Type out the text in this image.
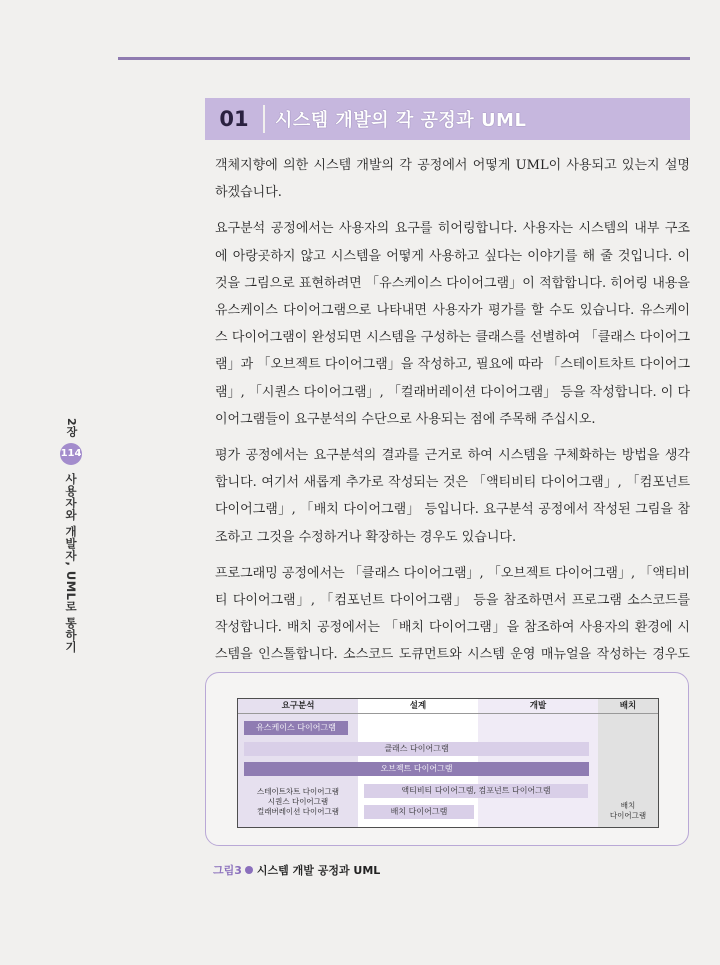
01	시스템 개발의 각 공정과 UML

객체지향에 의한 시스템 개발의 각 공정에서 어떻게 UML이 사용되고 있는지 설명하겠습니다.

요구분석 공정에서는 사용자의 요구를 히어링합니다. 사용자는 시스템의 내부 구조에 아랑곳하지 않고 시스템을 어떻게 사용하고 싶다는 이야기를 해 줄 것입니다. 이것을 그림으로 표현하려면 「유스케이스 다이어그램」이 적합합니다. 히어링 내용을 유스케이스 다이어그램으로 나타내면 사용자가 평가를 할 수도 있습니다. 유스케이스 다이어그램이 완성되면 시스템을 구성하는 클래스를 선별하여 「클래스 다이어그램」과 「오브젝트 다이어그램」을 작성하고, 필요에 따라 「스테이트차트 다이어그램」, 「시퀀스 다이어그램」, 「컬래버레이션 다이어그램」 등을 작성합니다. 이 다이어그램들이 요구분석의 수단으로 사용되는 점에 주목해 주십시오.

평가 공정에서는 요구분석의 결과를 근거로 하여 시스템을 구체화하는 방법을 생각합니다. 여기서 새롭게 추가로 작성되는 것은 「액티비티 다이어그램」, 「컴포넌트 다이어그램」, 「배치 다이어그램」 등입니다. 요구분석 공정에서 작성된 그림을 참조하고 그것을 수정하거나 확장하는 경우도 있습니다.

프로그래밍 공정에서는 「클래스 다이어그램」, 「오브젝트 다이어그램」, 「액티비티 다이어그램」, 「컴포넌트 다이어그램」 등을 참조하면서 프로그램 소스코드를 작성합니다. 배치 공정에서는 「배치 다이어그램」을 참조하여 사용자의 환경에 시스템을 인스톨합니다. 소스코드 도큐먼트와 시스템 운영 매뉴얼을 작성하는 경우도

2장
114
사용자와 개발자, UML로 통하기
요구분석	설계	개발	배치
유스케이스 다이어그램
클래스 다이어그램
오브젝트 다이어그램
스테이트차트 다이어그램
시퀀스 다이어그램
컬래버레이션 다이어그램
액티비티 다이어그램, 컴포넌트 다이어그램
배치 다이어그램
배치
다이어그램
그림3 시스템 개발 공정과 UML
